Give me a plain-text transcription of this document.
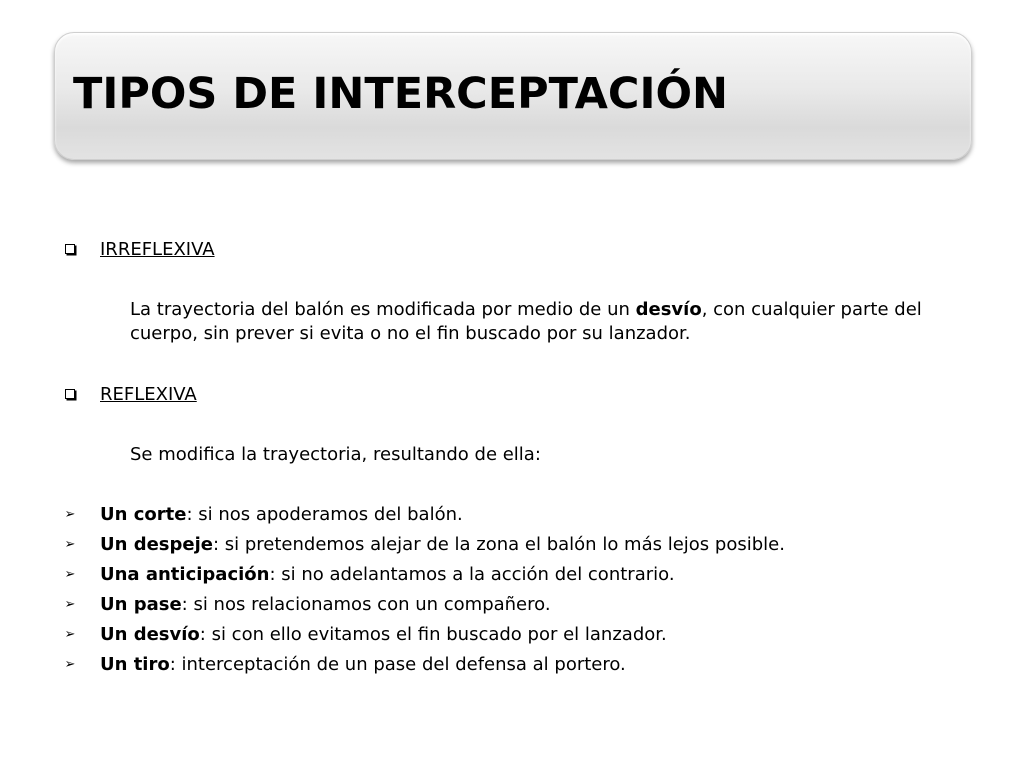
TIPOS DE INTERCEPTACIÓN
IRREFLEXIVA
La trayectoria del balón es modificada por medio de un desvío, con cualquier parte del cuerpo, sin prever si evita o no el fin buscado por su lanzador.
REFLEXIVA
Se modifica la trayectoria, resultando de ella:
➢ Un corte: si nos apoderamos del balón.
➢ Un despeje: si pretendemos alejar de la zona el balón lo más lejos posible.
➢ Una anticipación: si no adelantamos a la acción del contrario.
➢ Un pase: si nos relacionamos con un compañero.
➢ Un desvío: si con ello evitamos el fin buscado por el lanzador.
➢ Un tiro: interceptación de un pase del defensa al portero.
